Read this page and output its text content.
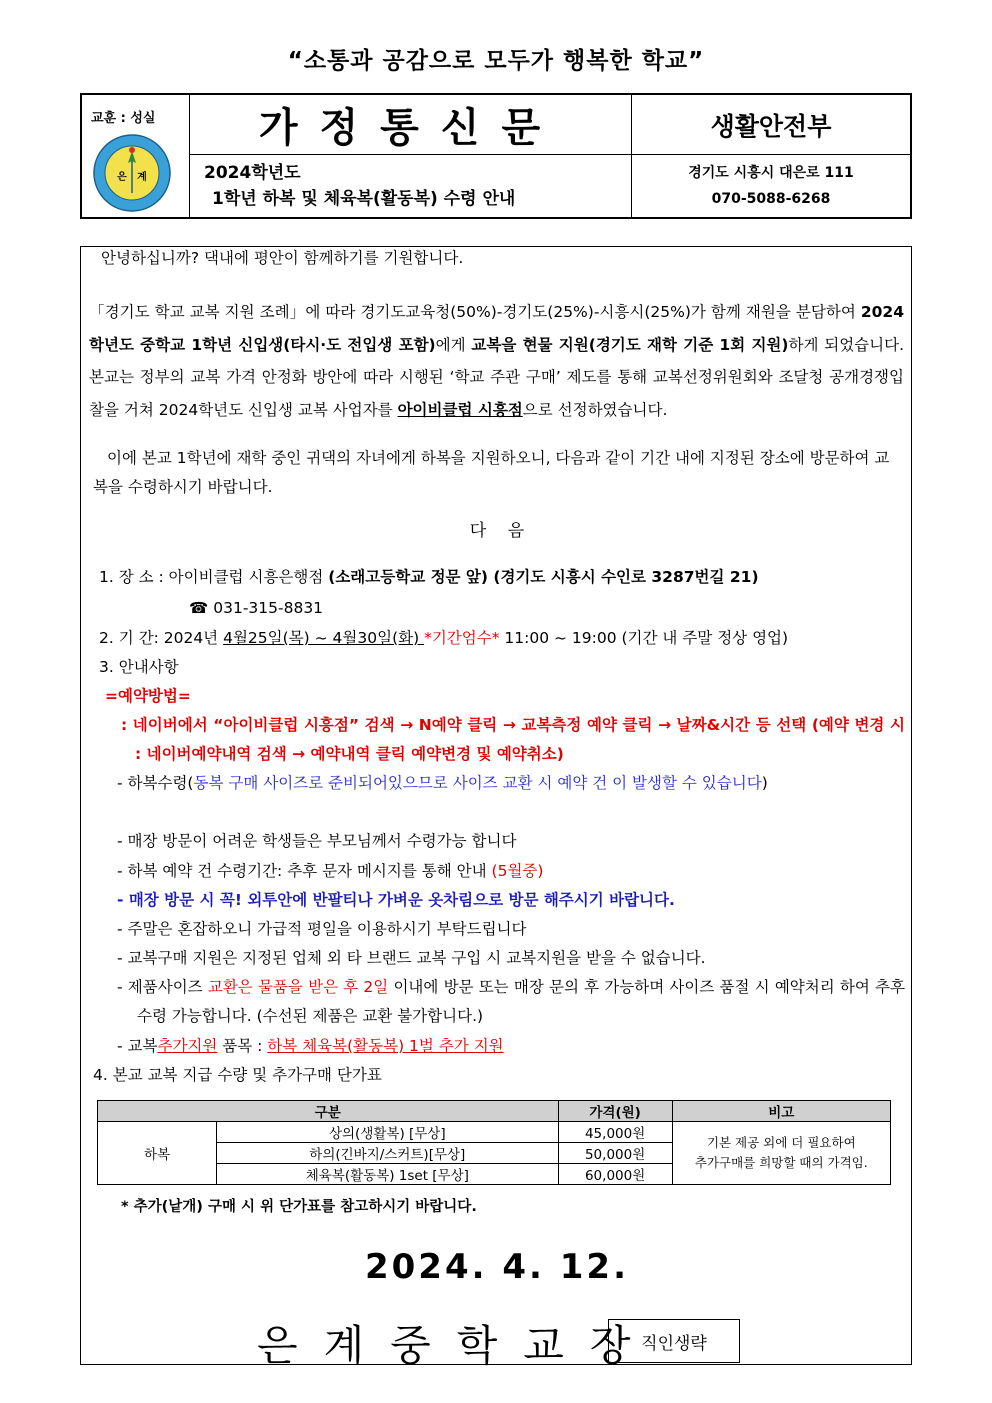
“소통과 공감으로 모두가 행복한 학교”
교훈 : 성실
은 계
가정통신문	생활안전부
2024학년도
1학년 하복 및 체육복(활동복) 수령 안내
경기도 시흥시 대은로 111
070-5088-6268
안녕하십니까? 댁내에 평안이 함께하기를 기원합니다.
「경기도 학교 교복 지원 조례」에 따라 경기도교육청(50%)-경기도(25%)-시흥시(25%)가 함께 재원을 분담하여 2024학년도 중학교 1학년 신입생(타시·도 전입생 포함)에게 교복을 현물 지원(경기도 재학 기준 1회 지원)하게 되었습니다. 본교는 정부의 교복 가격 안정화 방안에 따라 시행된 ‘학교 주관 구매’ 제도를 통해 교복선정위원회와 조달청 공개경쟁입찰을 거쳐 2024학년도 신입생 교복 사업자를 아이비클럽 시흥점으로 선정하였습니다.
이에 본교 1학년에 재학 중인 귀댁의 자녀에게 하복을 지원하오니, 다음과 같이 기간 내에 지정된 장소에 방문하여 교복을 수령하시기 바랍니다.
다    음
1. 장 소 : 아이비클럽 시흥은행점 (소래고등학교 정문 앞) (경기도 시흥시 수인로 3287번길 21)
☎ 031-315-8831
2. 기 간: 2024년 4월25일(목) ~ 4월30일(화) *기간엄수* 11:00 ~ 19:00 (기간 내 주말 정상 영업)
3. 안내사항
=예약방법=
: 네이버에서 “아이비클럽 시흥점” 검색 → N예약 클릭 → 교복측정 예약 클릭 → 날짜&시간 등 선택 (예약 변경 시 : 네이버예약내역 검색 → 예약내역 클릭 예약변경 및 예약취소)
- 하복수령(동복 구매 사이즈로 준비되어있으므로 사이즈 교환 시 예약 건 이 발생할 수 있습니다)
- 매장 방문이 어려운 학생들은 부모님께서 수령가능 합니다
- 하복 예약 건 수령기간: 추후 문자 메시지를 통해 안내 (5월중)
- 매장 방문 시 꼭! 외투안에 반팔티나 가벼운 옷차림으로 방문 해주시기 바랍니다.
- 주말은 혼잡하오니 가급적 평일을 이용하시기 부탁드립니다
- 교복구매 지원은 지정된 업체 외 타 브랜드 교복 구입 시 교복지원을 받을 수 없습니다.
- 제품사이즈 교환은 물품을 받은 후 2일 이내에 방문 또는 매장 문의 후 가능하며 사이즈 품절 시 예약처리 하여 추후 수령 가능합니다. (수선된 제품은 교환 불가합니다.)
- 교복추가지원 품목 : 하복 체육복(활동복) 1벌 추가 지원
4. 본교 교복 지급 수량 및 추가구매 단가표
구분		가격(원)	비고
하복	상의(생활복) [무상]	45,000원	기본 제공 외에 더 필요하여
추가구매를 희망할 때의 가격임.

	하의(긴바지/스커트)[무상]	50,000원	
	체육복(활동복) 1set [무상]	60,000원	
* 추가(낱개) 구매 시 위 단가표를 참고하시기 바랍니다.
2024. 4. 12.
은계중학교장
직인생략
